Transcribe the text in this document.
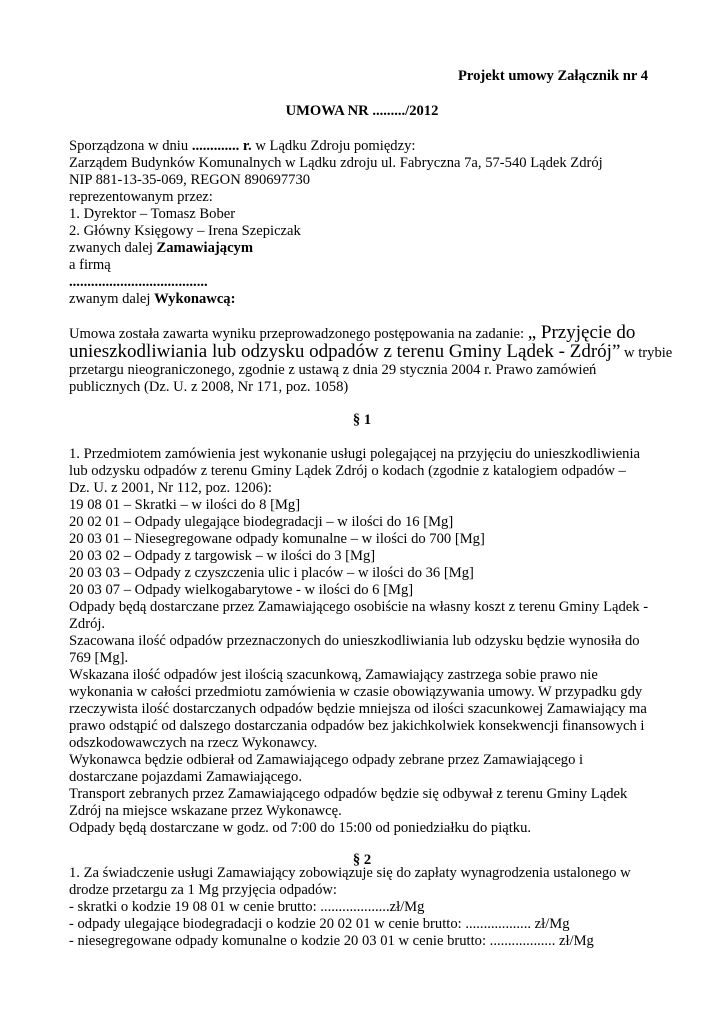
Projekt umowy Załącznik nr 4
UMOWA NR ........./2012
Sporządzona w dniu ............. r. w Lądku Zdroju pomiędzy:
Zarządem Budynków Komunalnych w Lądku zdroju ul. Fabryczna 7a, 57-540 Lądek Zdrój
NIP 881-13-35-069, REGON 890697730
reprezentowanym przez:
1. Dyrektor – Tomasz Bober
2. Główny Księgowy – Irena Szepiczak
zwanych dalej Zamawiającym
a firmą
......................................
zwanym dalej Wykonawcą:
Umowa została zawarta wyniku przeprowadzonego postępowania na zadanie: „ Przyjęcie do
unieszkodliwiania lub odzysku odpadów z terenu Gminy Lądek - Zdrój” w trybie
przetargu nieograniczonego, zgodnie z ustawą z dnia 29 stycznia 2004 r. Prawo zamówień
publicznych (Dz. U. z 2008, Nr 171, poz. 1058)
§ 1
1. Przedmiotem zamówienia jest wykonanie usługi polegającej na przyjęciu do unieszkodliwienia
lub odzysku odpadów z terenu Gminy Lądek Zdrój o kodach (zgodnie z katalogiem odpadów –
Dz. U. z 2001, Nr 112, poz. 1206):
19 08 01 – Skratki – w ilości do 8 [Mg]
20 02 01 – Odpady ulegające biodegradacji – w ilości do 16 [Mg]
20 03 01 – Niesegregowane odpady komunalne – w ilości do 700 [Mg]
20 03 02 – Odpady z targowisk – w ilości do 3 [Mg]
20 03 03 – Odpady z czyszczenia ulic i placów – w ilości do 36 [Mg]
20 03 07 – Odpady wielkogabarytowe - w ilości do 6 [Mg]
Odpady będą dostarczane przez Zamawiającego osobiście na własny koszt z terenu Gminy Lądek -
Zdrój.
Szacowana ilość odpadów przeznaczonych do unieszkodliwiania lub odzysku będzie wynosiła do
769 [Mg].
Wskazana ilość odpadów jest ilością szacunkową, Zamawiający zastrzega sobie prawo nie
wykonania w całości przedmiotu zamówienia w czasie obowiązywania umowy. W przypadku gdy
rzeczywista ilość dostarczanych odpadów będzie mniejsza od ilości szacunkowej Zamawiający ma
prawo odstąpić od dalszego dostarczania odpadów bez jakichkolwiek konsekwencji finansowych i
odszkodowawczych na rzecz Wykonawcy.
Wykonawca będzie odbierał od Zamawiającego odpady zebrane przez Zamawiającego i
dostarczane pojazdami Zamawiającego.
Transport zebranych przez Zamawiającego odpadów będzie się odbywał z terenu Gminy Lądek
Zdrój na miejsce wskazane przez Wykonawcę.
Odpady będą dostarczane w godz. od 7:00 do 15:00 od poniedziałku do piątku.
§ 2
1. Za świadczenie usługi Zamawiający zobowiązuje się do zapłaty wynagrodzenia ustalonego w
drodze przetargu za 1 Mg przyjęcia odpadów:
- skratki o kodzie 19 08 01 w cenie brutto: ...................zł/Mg
- odpady ulegające biodegradacji o kodzie 20 02 01 w cenie brutto: .................. zł/Mg
- niesegregowane odpady komunalne o kodzie 20 03 01 w cenie brutto: .................. zł/Mg
